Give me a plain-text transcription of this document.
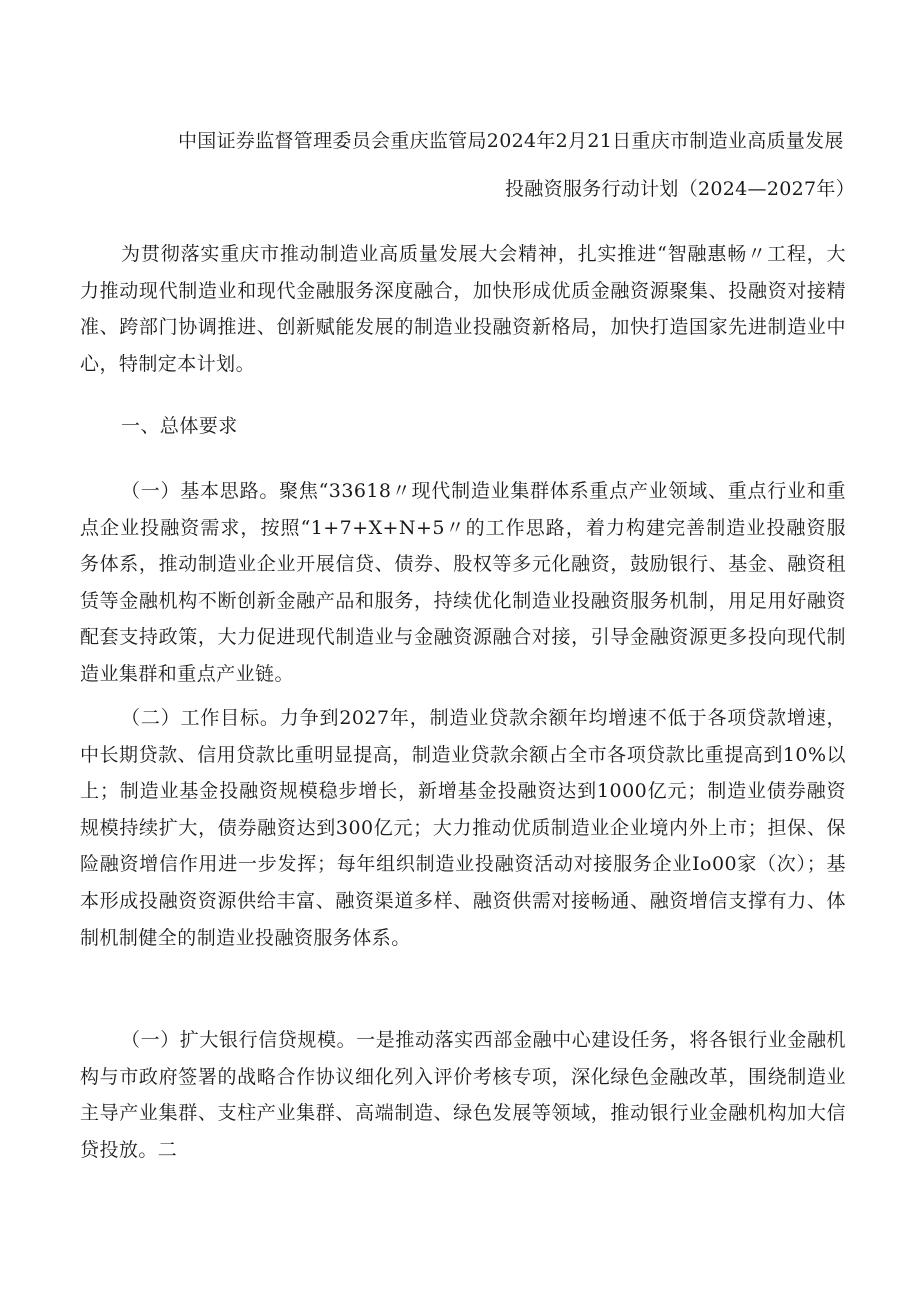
中国证券监督管理委员会重庆监管局2024年2月21日重庆市制造业高质量发展
投融资服务行动计划（2024—2027年）

为贯彻落实重庆市推动制造业高质量发展大会精神，扎实推进“智融惠畅〃工程，大力推动现代制造业和现代金融服务深度融合，加快形成优质金融资源聚集、投融资对接精准、跨部门协调推进、创新赋能发展的制造业投融资新格局，加快打造国家先进制造业中心，特制定本计划。

一、总体要求

（一）基本思路。聚焦“33618〃现代制造业集群体系重点产业领域、重点行业和重点企业投融资需求，按照“1+7+X+N+5〃的工作思路，着力构建完善制造业投融资服务体系，推动制造业企业开展信贷、债券、股权等多元化融资，鼓励银行、基金、融资租赁等金融机构不断创新金融产品和服务，持续优化制造业投融资服务机制，用足用好融资配套支持政策，大力促进现代制造业与金融资源融合对接，引导金融资源更多投向现代制造业集群和重点产业链。

（二）工作目标。力争到2027年，制造业贷款余额年均增速不低于各项贷款增速，中长期贷款、信用贷款比重明显提高，制造业贷款余额占全市各项贷款比重提高到10%以上；制造业基金投融资规模稳步增长，新增基金投融资达到1000亿元；制造业债券融资规模持续扩大，债券融资达到300亿元；大力推动优质制造业企业境内外上市；担保、保险融资增信作用进一步发挥；每年组织制造业投融资活动对接服务企业Io00家（次）；基本形成投融资资源供给丰富、融资渠道多样、融资供需对接畅通、融资增信支撑有力、体制机制健全的制造业投融资服务体系。

（一）扩大银行信贷规模。一是推动落实西部金融中心建设任务，将各银行业金融机构与市政府签署的战略合作协议细化列入评价考核专项，深化绿色金融改革，围绕制造业主导产业集群、支柱产业集群、高端制造、绿色发展等领域，推动银行业金融机构加大信贷投放。二
